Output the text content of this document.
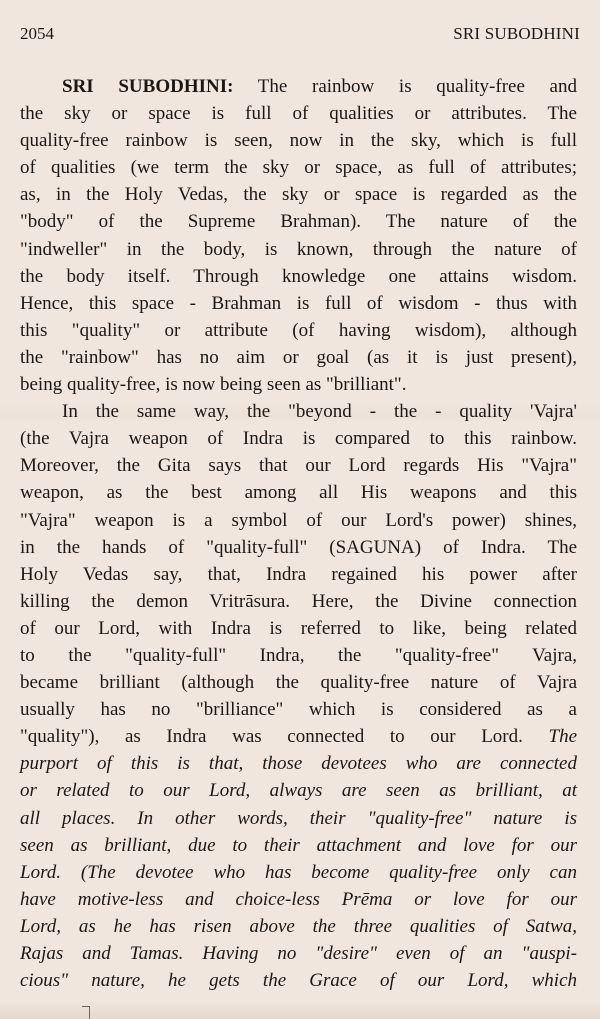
2054	SRI SUBODHINI
SRI SUBODHINI: The rainbow is quality-free and
the sky or space is full of qualities or attributes. The
quality-free rainbow is seen, now in the sky, which is full
of qualities (we term the sky or space, as full of attributes;
as, in the Holy Vedas, the sky or space is regarded as the
"body" of the Supreme Brahman). The nature of the
"indweller" in the body, is known, through the nature of
the body itself. Through knowledge one attains wisdom.
Hence, this space - Brahman is full of wisdom - thus with
this "quality" or attribute (of having wisdom), although
the "rainbow" has no aim or goal (as it is just present),
being quality-free, is now being seen as "brilliant".
In the same way, the "beyond - the - quality 'Vajra'
(the Vajra weapon of Indra is compared to this rainbow.
Moreover, the Gita says that our Lord regards His "Vajra"
weapon, as the best among all His weapons and this
"Vajra" weapon is a symbol of our Lord's power) shines,
in the hands of "quality-full" (SAGUNA) of Indra. The
Holy Vedas say, that, Indra regained his power after
killing the demon Vritrāsura. Here, the Divine connection
of our Lord, with Indra is referred to like, being related
to the "quality-full" Indra, the "quality-free" Vajra,
became brilliant (although the quality-free nature of Vajra
usually has no "brilliance" which is considered as a
"quality"), as Indra was connected to our Lord. The
purport of this is that, those devotees who are connected
or related to our Lord, always are seen as brilliant, at
all places. In other words, their "quality-free" nature is
seen as brilliant, due to their attachment and love for our
Lord. (The devotee who has become quality-free only can
have motive-less and choice-less Prēma or love for our
Lord, as he has risen above the three qualities of Satwa,
Rajas and Tamas. Having no "desire" even of an "auspi-
cious" nature, he gets the Grace of our Lord, which
